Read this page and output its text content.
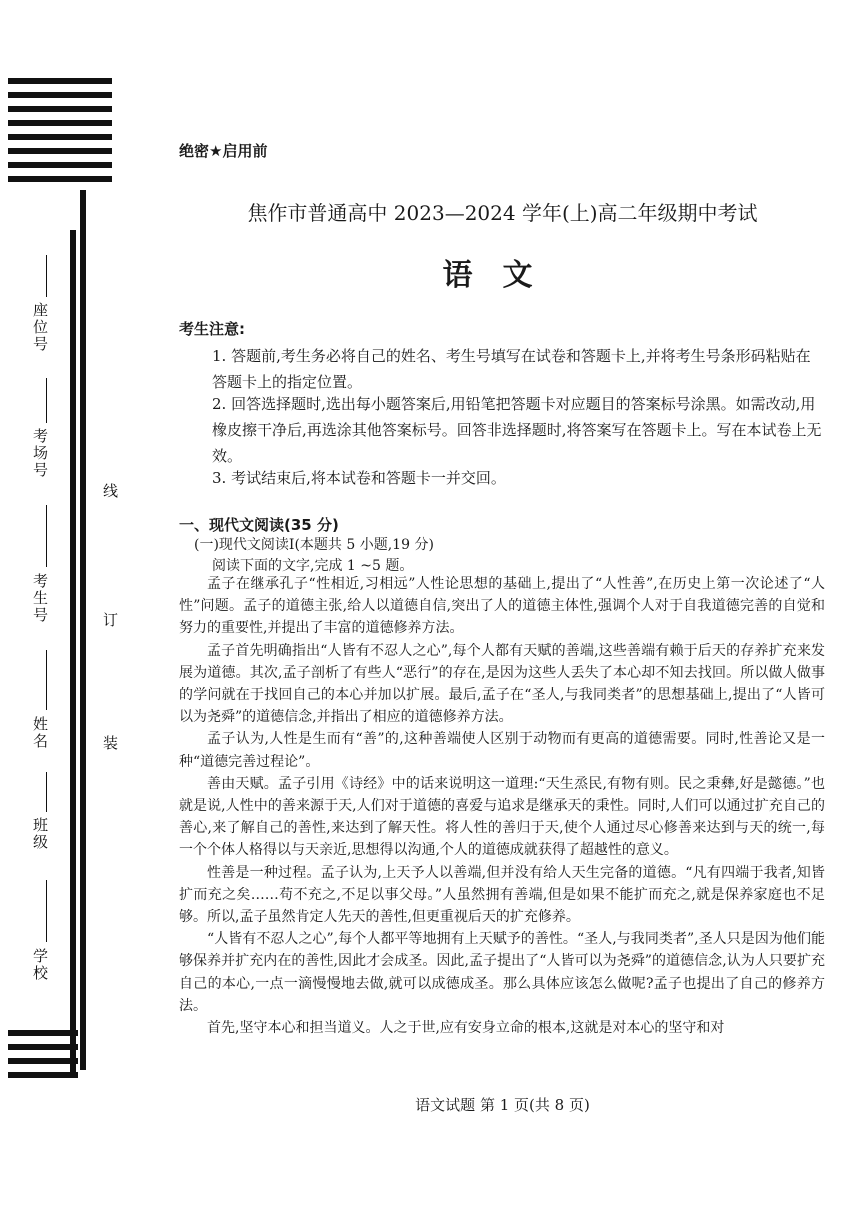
座位号
考场号
考生号
姓名
班级
学校
线
订
装
绝密★启用前
焦作市普通高中 2023—2024 学年(上)高二年级期中考试
语文
考生注意:
1. 答题前,考生务必将自己的姓名、考生号填写在试卷和答题卡上,并将考生号条形码粘贴在答题卡上的指定位置。
2. 回答选择题时,选出每小题答案后,用铅笔把答题卡对应题目的答案标号涂黑。如需改动,用橡皮擦干净后,再选涂其他答案标号。回答非选择题时,将答案写在答题卡上。写在本试卷上无效。
3. 考试结束后,将本试卷和答题卡一并交回。
一、现代文阅读(35 分)
(一)现代文阅读Ⅰ(本题共 5 小题,19 分)
阅读下面的文字,完成 1 ~5 题。

孟子在继承孔子“性相近,习相远”人性论思想的基础上,提出了“人性善”,在历史上第一次论述了“人性”问题。孟子的道德主张,给人以道德自信,突出了人的道德主体性,强调个人对于自我道德完善的自觉和努力的重要性,并提出了丰富的道德修养方法。

孟子首先明确指出“人皆有不忍人之心”,每个人都有天赋的善端,这些善端有赖于后天的存养扩充来发展为道德。其次,孟子剖析了有些人“恶行”的存在,是因为这些人丢失了本心却不知去找回。所以做人做事的学问就在于找回自己的本心并加以扩展。最后,孟子在“圣人,与我同类者”的思想基础上,提出了“人皆可以为尧舜”的道德信念,并指出了相应的道德修养方法。

孟子认为,人性是生而有“善”的,这种善端使人区别于动物而有更高的道德需要。同时,性善论又是一种“道德完善过程论”。

善由天赋。孟子引用《诗经》中的话来说明这一道理:“天生烝民,有物有则。民之秉彝,好是懿德。”也就是说,人性中的善来源于天,人们对于道德的喜爱与追求是继承天的秉性。同时,人们可以通过扩充自己的善心,来了解自己的善性,来达到了解天性。将人性的善归于天,使个人通过尽心修善来达到与天的统一,每一个个体人格得以与天亲近,思想得以沟通,个人的道德成就获得了超越性的意义。

性善是一种过程。孟子认为,上天予人以善端,但并没有给人天生完备的道德。“凡有四端于我者,知皆扩而充之矣……苟不充之,不足以事父母。”人虽然拥有善端,但是如果不能扩而充之,就是保养家庭也不足够。所以,孟子虽然肯定人先天的善性,但更重视后天的扩充修养。

“人皆有不忍人之心”,每个人都平等地拥有上天赋予的善性。“圣人,与我同类者”,圣人只是因为他们能够保养并扩充内在的善性,因此才会成圣。因此,孟子提出了“人皆可以为尧舜”的道德信念,认为人只要扩充自己的本心,一点一滴慢慢地去做,就可以成德成圣。那么具体应该怎么做呢?孟子也提出了自己的修养方法。

首先,坚守本心和担当道义。人之于世,应有安身立命的根本,这就是对本心的坚守和对

语文试题 第 1 页(共 8 页)
